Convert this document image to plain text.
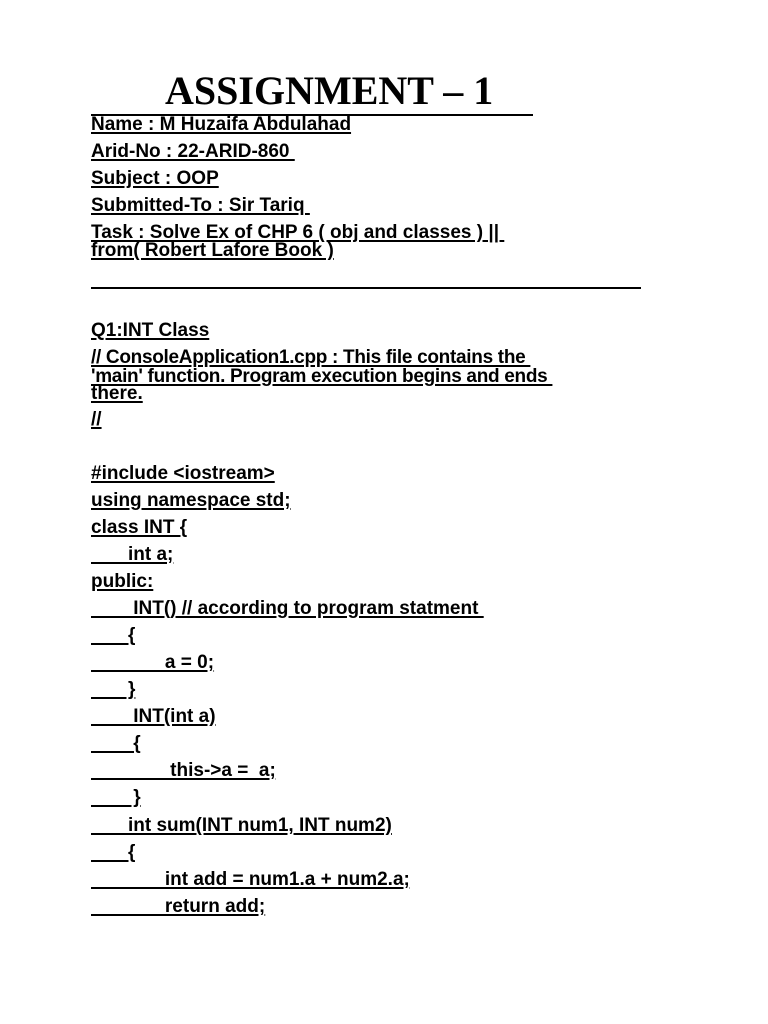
ASSIGNMENT – 1
Name : M Huzaifa Abdulahad
Arid-No : 22-ARID-860
Subject : OOP
Submitted-To : Sir Tariq
Task : Solve Ex of CHP 6 ( obj and classes ) ||
from( Robert Lafore Book )
Q1:INT Class
// ConsoleApplication1.cpp : This file contains the
'main' function. Program execution begins and ends
there.
//
#include <iostream>
using namespace std;
class INT {
int a;
public:
INT() // according to program statment
{
a = 0;
}
INT(int a)
{
this->a =  a;
}
int sum(INT num1, INT num2)
{
int add = num1.a + num2.a;
return add;
